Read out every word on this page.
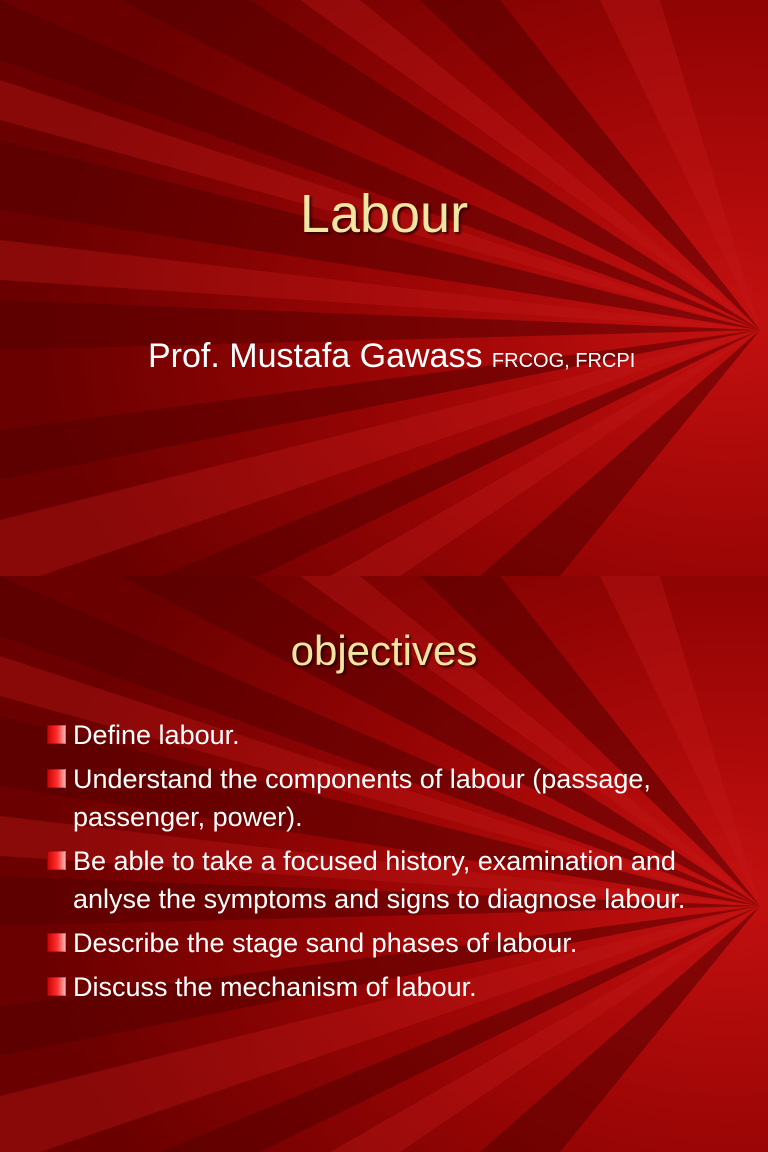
Labour
Prof. Mustafa Gawass FRCOG, FRCPI
objectives
Define labour.
Understand the components of labour (passage, passenger, power).
Be able to take a focused history, examination and anlyse the symptoms and signs to diagnose labour.
Describe the stage sand phases of labour.
Discuss the mechanism of labour.
